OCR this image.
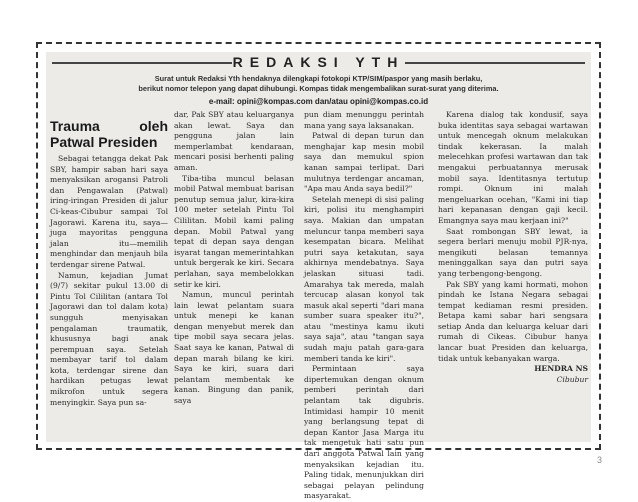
REDAKSI YTH
Surat untuk Redaksi Yth hendaknya dilengkapi fotokopi KTP/SIM/paspor yang masih berlaku,
berikut nomor telepon yang dapat dihubungi. Kompas tidak mengembalikan surat-surat yang diterima.
e-mail: opini@kompas.com dan/atau opini@kompas.co.id
Trauma oleh Patwal Presiden

Sebagai tetangga dekat Pak SBY, hampir saban hari saya menyaksikan arogansi Patroli dan Pengawalan (Patwal) iring-iringan Presiden di jalur Ci-keas-Cibubur sampai Tol Jagorawi. Karena itu, saya—juga mayoritas pengguna jalan itu—memilih menghindar dan menjauh bila terdengar sirene Patwal.

Namun, kejadian Jumat (9/7) sekitar pukul 13.00 di Pintu Tol Cililitan (antara Tol Jagorawi dan tol dalam kota) sungguh menyisakan pengalaman traumatik, khususnya bagi anak perempuan saya. Setelah membayar tarif tol dalam kota, terdengar sirene dan hardikan petugas lewat mikrofon untuk segera menyingkir. Saya pun sa-

dar, Pak SBY atau keluarganya akan lewat. Saya dan pengguna jalan lain memperlambat kendaraan, mencari posisi berhenti paling aman.

Tiba-tiba muncul belasan mobil Patwal membuat barisan penutup semua jalur, kira-kira 100 meter setelah Pintu Tol Cililitan. Mobil kami paling depan. Mobil Patwal yang tepat di depan saya dengan isyarat tangan memerintahkan untuk bergerak ke kiri. Secara perlahan, saya membelokkan setir ke kiri.

Namun, muncul perintah lain lewat pelantam suara untuk menepi ke kanan dengan menyebut merek dan tipe mobil saya secara jelas. Saat saya ke kanan, Patwal di depan marah bilang ke kiri. Saya ke kiri, suara dari pelantam membentak ke kanan. Bingung dan panik, saya

pun diam menunggu perintah mana yang saya laksanakan.

Patwal di depan turun dan menghajar kap mesin mobil saya dan memukul spion kanan sampai terlipat. Dari mulutnya terdengar ancaman, "Apa mau Anda saya bedil?"

Setelah menepi di sisi paling kiri, polisi itu menghampiri saya. Makian dan umpatan meluncur tanpa memberi saya kesempatan bicara. Melihat putri saya ketakutan, saya akhirnya mendebatnya. Saya jelaskan situasi tadi. Amarahya tak mereda, malah tercucap alasan konyol tak masuk akal seperti "dari mana sumber suara speaker itu?", atau "mestinya kamu ikuti saya saja", atau "tangan saya sudah maju patah gara-gara memberi tanda ke kiri".

Permintaan saya dipertemukan dengan oknum pemberi perintah dari pelantam tak digubris. Intimidasi hampir 10 menit yang berlangsung tepat di depan Kantor Jasa Marga itu tak mengetuk hati satu pun dari anggota Patwal lain yang menyaksikan kejadian itu. Paling tidak, menunjukkan diri sebagai pelayan pelindung masyarakat.

Karena dialog tak kondusif, saya buka identitas saya sebagai wartawan untuk mencegah oknum melakukan tindak kekerasan. Ia malah melecehkan profesi wartawan dan tak mengakui perbuatannya merusak mobil saya. Identitasnya tertutup rompi. Oknum ini malah mengeluarkan ocehan, "Kami ini tiap hari kepanasan dengan gaji kecil. Emangnya saya mau kerjaan ini?"

Saat rombongan SBY lewat, ia segera berlari menuju mobil PJR-nya, mengikuti belasan temannya meninggalkan saya dan putri saya yang terbengong-bengong.

Pak SBY yang kami hormati, mohon pindah ke Istana Negara sebagai tempat kediaman resmi presiden. Betapa kami sabar hari sengsara setiap Anda dan keluarga keluar dari rumah di Cikeas. Cibubur hanya lancar buat Presiden dan keluarga, tidak untuk kebanyakan warga.

HENDRA NS

Cibubur

3
